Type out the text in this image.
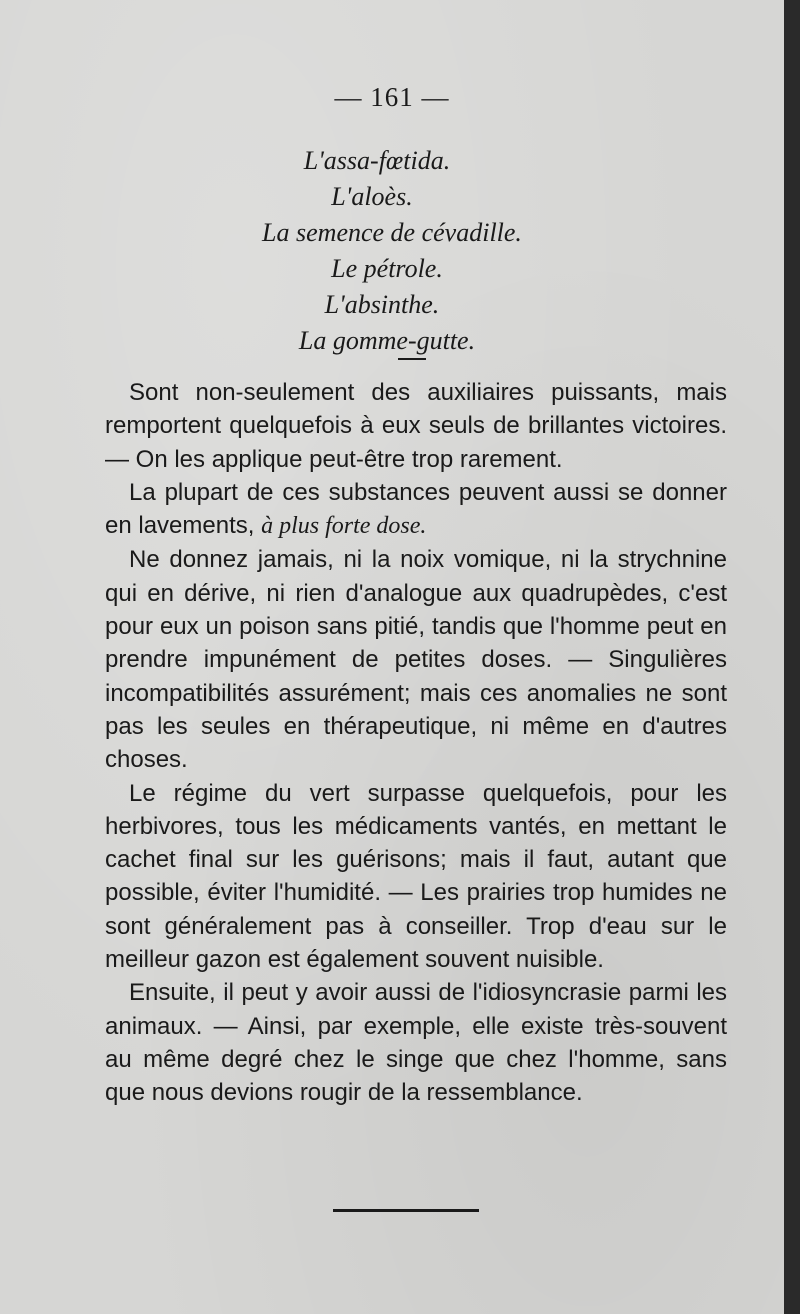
— 161 —
L'assa-fœtida.
L'aloès.
La semence de cévadille.
Le pétrole.
L'absinthe.
La gomme-gutte.

Sont non-seulement des auxiliaires puissants, mais remportent quelquefois à eux seuls de brillantes victoires. — On les applique peut-être trop rarement.

La plupart de ces substances peuvent aussi se donner en lavements, à plus forte dose.

Ne donnez jamais, ni la noix vomique, ni la strychnine qui en dérive, ni rien d'analogue aux quadrupèdes, c'est pour eux un poison sans pitié, tandis que l'homme peut en prendre impunément de petites doses. — Singulières incompatibilités assurément; mais ces anomalies ne sont pas les seules en thérapeutique, ni même en d'autres choses.

Le régime du vert surpasse quelquefois, pour les herbivores, tous les médicaments vantés, en mettant le cachet final sur les guérisons; mais il faut, autant que possible, éviter l'humidité. — Les prairies trop humides ne sont généralement pas à conseiller. Trop d'eau sur le meilleur gazon est également souvent nuisible.

Ensuite, il peut y avoir aussi de l'idiosyncrasie parmi les animaux. — Ainsi, par exemple, elle existe très-souvent au même degré chez le singe que chez l'homme, sans que nous devions rougir de la ressemblance.
